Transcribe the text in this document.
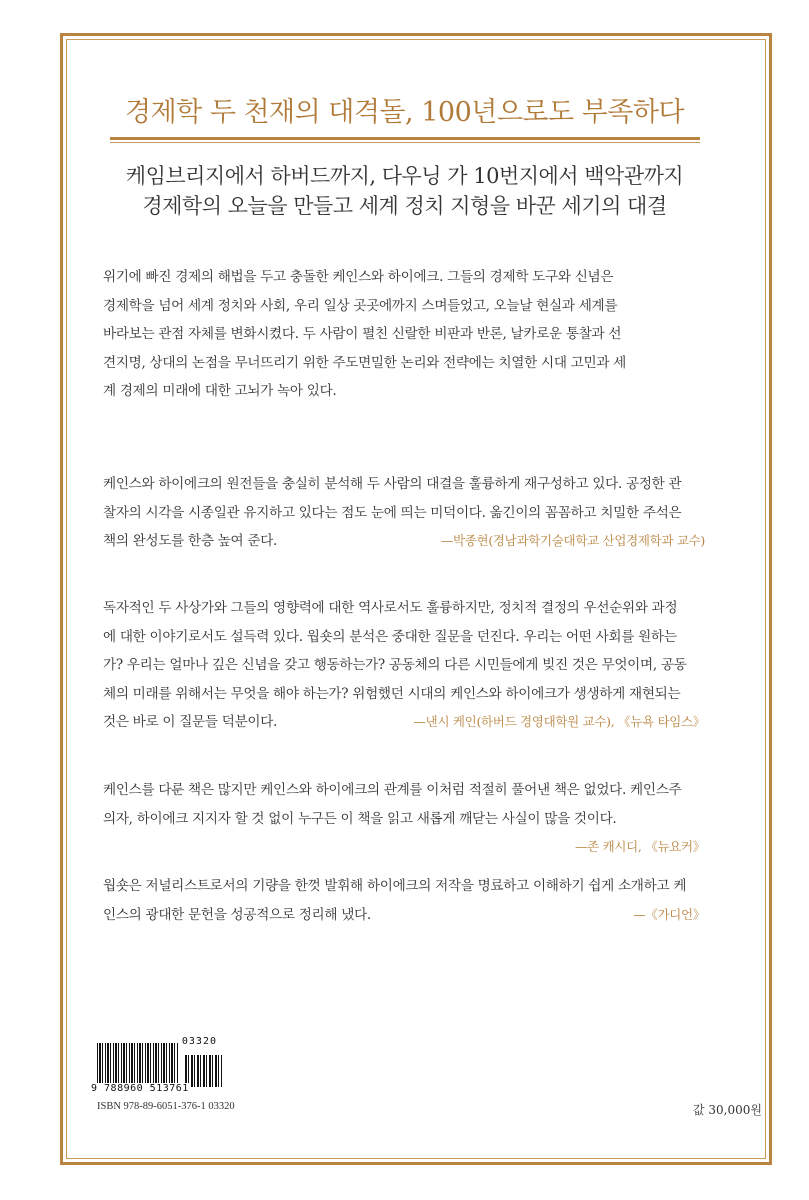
경제학 두 천재의 대격돌, 100년으로도 부족하다
케임브리지에서 하버드까지, 다우닝 가 10번지에서 백악관까지
경제학의 오늘을 만들고 세계 정치 지형을 바꾼 세기의 대결
위기에 빠진 경제의 해법을 두고 충돌한 케인스와 하이에크. 그들의 경제학 도구와 신념은
경제학을 넘어 세계 정치와 사회, 우리 일상 곳곳에까지 스며들었고, 오늘날 현실과 세계를
바라보는 관점 자체를 변화시켰다. 두 사람이 펼친 신랄한 비판과 반론, 날카로운 통찰과 선
견지명, 상대의 논점을 무너뜨리기 위한 주도면밀한 논리와 전략에는 치열한 시대 고민과 세
계 경제의 미래에 대한 고뇌가 녹아 있다.
케인스와 하이에크의 원전들을 충실히 분석해 두 사람의 대결을 훌륭하게 재구성하고 있다. 공정한 관
찰자의 시각을 시종일관 유지하고 있다는 점도 눈에 띄는 미덕이다. 옮긴이의 꼼꼼하고 치밀한 주석은
책의 완성도를 한층 높여 준다.	—박종현(경남과학기술대학교 산업경제학과 교수)
독자적인 두 사상가와 그들의 영향력에 대한 역사로서도 훌륭하지만, 정치적 결정의 우선순위와 과정
에 대한 이야기로서도 설득력 있다. 웝숏의 분석은 중대한 질문을 던진다. 우리는 어떤 사회를 원하는
가? 우리는 얼마나 깊은 신념을 갖고 행동하는가? 공동체의 다른 시민들에게 빚진 것은 무엇이며, 공동
체의 미래를 위해서는 무엇을 해야 하는가? 위험했던 시대의 케인스와 하이에크가 생생하게 재현되는
것은 바로 이 질문들 덕분이다.	—낸시 케인(하버드 경영대학원 교수), 《뉴욕 타임스》
케인스를 다룬 책은 많지만 케인스와 하이에크의 관계를 이처럼 적절히 풀어낸 책은 없었다. 케인스주
의자, 하이에크 지지자 할 것 없이 누구든 이 책을 읽고 새롭게 깨닫는 사실이 많을 것이다.
—존 캐시디, 《뉴요커》
웝숏은 저널리스트로서의 기량을 한껏 발휘해 하이에크의 저작을 명료하고 이해하기 쉽게 소개하고 케
인스의 광대한 문헌을 성공적으로 정리해 냈다.	—《가디언》
03320
9 788960 513761
ISBN 978-89-6051-376-1 03320	값 30,000원
